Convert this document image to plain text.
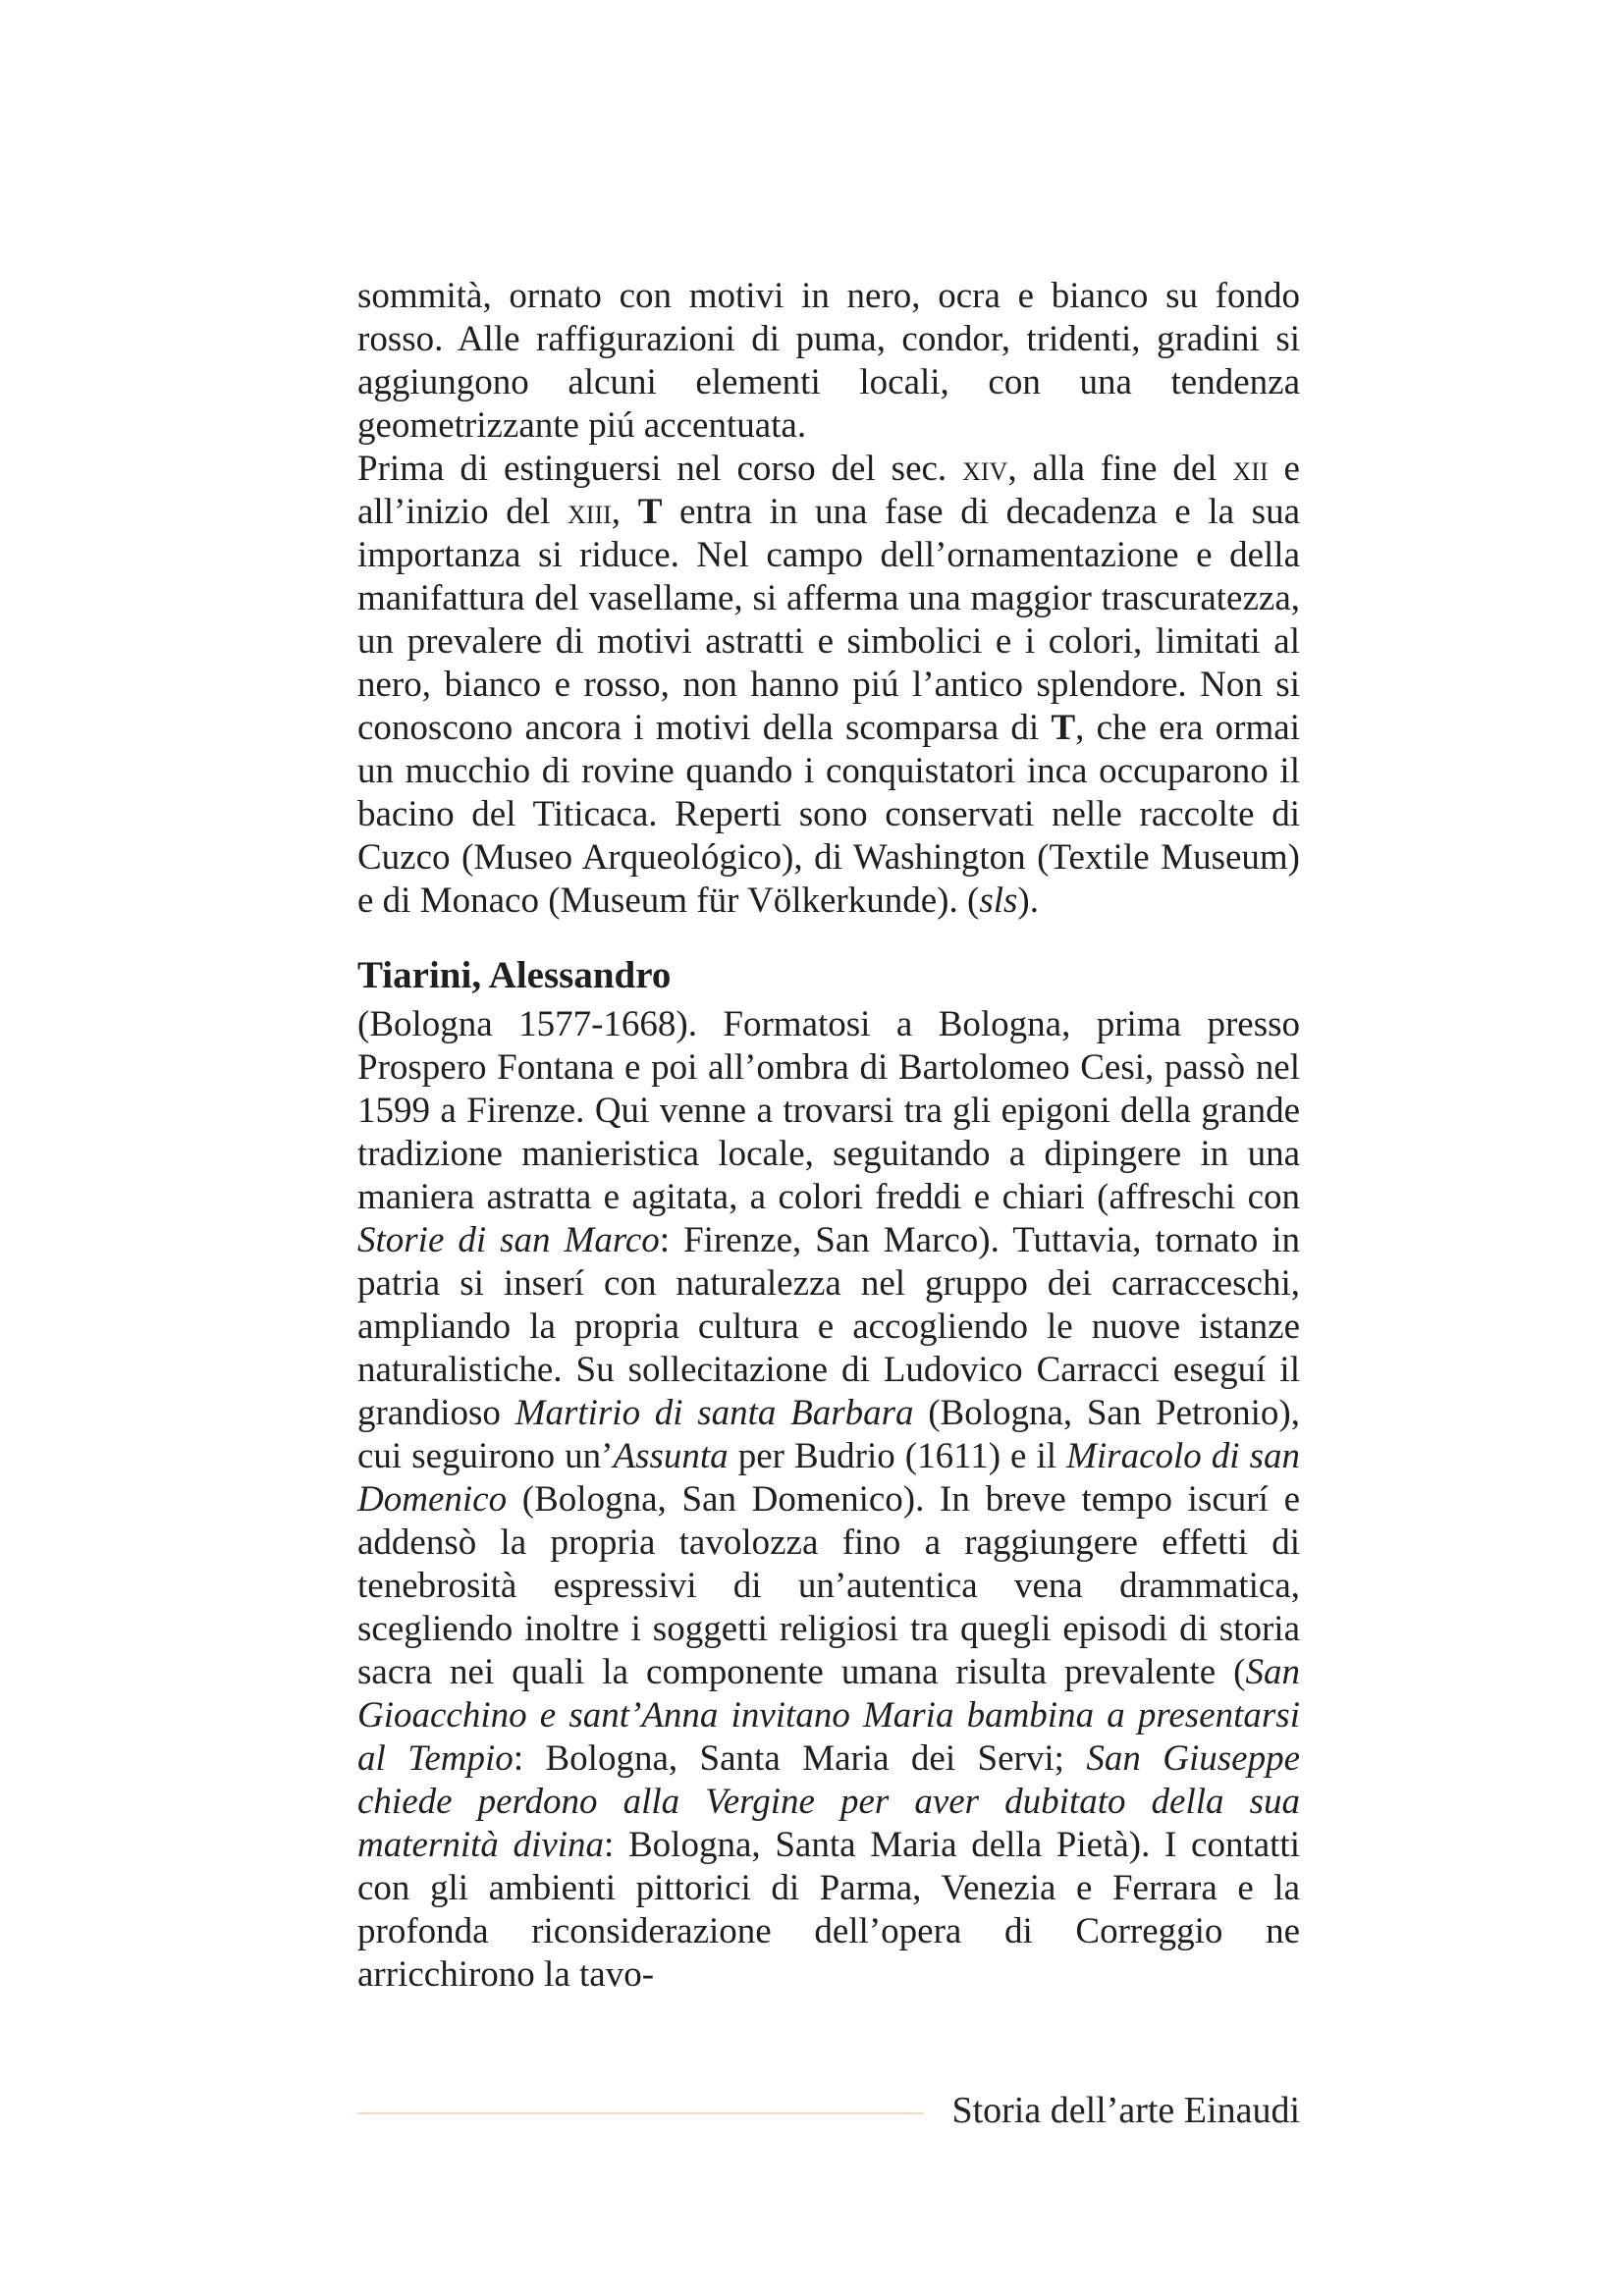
sommità, ornato con motivi in nero, ocra e bianco su fondo rosso. Alle raffigurazioni di puma, condor, tridenti, gradini si aggiungono alcuni elementi locali, con una tendenza geometrizzante piú accentuata.

Prima di estinguersi nel corso del sec. xiv, alla fine del xii e all’inizio del xiii, T entra in una fase di decadenza e la sua importanza si riduce. Nel campo dell’ornamentazione e della manifattura del vasellame, si afferma una maggior trascuratezza, un prevalere di motivi astratti e simbolici e i colori, limitati al nero, bianco e rosso, non hanno piú l’antico splendore. Non si conoscono ancora i motivi della scomparsa di T, che era ormai un mucchio di rovine quando i conquistatori inca occuparono il bacino del Titicaca. Reperti sono conservati nelle raccolte di Cuzco (Museo Arqueológico), di Washington (Textile Museum) e di Monaco (Museum für Völkerkunde). (sls).

Tiarini, Alessandro

(Bologna 1577-1668). Formatosi a Bologna, prima presso Prospero Fontana e poi all’ombra di Bartolomeo Cesi, passò nel 1599 a Firenze. Qui venne a trovarsi tra gli epigoni della grande tradizione manieristica locale, seguitando a dipingere in una maniera astratta e agitata, a colori freddi e chiari (affreschi con Storie di san Marco: Firenze, San Marco). Tuttavia, tornato in patria si inserí con naturalezza nel gruppo dei carracceschi, ampliando la propria cultura e accogliendo le nuove istanze naturalistiche. Su sollecitazione di Ludovico Carracci eseguí il grandioso Martirio di santa Barbara (Bologna, San Petronio), cui seguirono un’Assunta per Budrio (1611) e il Miracolo di san Domenico (Bologna, San Domenico). In breve tempo iscurí e addensò la propria tavolozza fino a raggiungere effetti di tenebrosità espressivi di un’autentica vena drammatica, scegliendo inoltre i soggetti religiosi tra quegli episodi di storia sacra nei quali la componente umana risulta prevalente (San Gioacchino e sant’Anna invitano Maria bambina a presentarsi al Tempio: Bologna, Santa Maria dei Servi; San Giuseppe chiede perdono alla Vergine per aver dubitato della sua maternità divina: Bologna, Santa Maria della Pietà). I contatti con gli ambienti pittorici di Parma, Venezia e Ferrara e la profonda riconsiderazione dell’opera di Correggio ne arricchirono la tavo-

Storia dell’arte Einaudi
